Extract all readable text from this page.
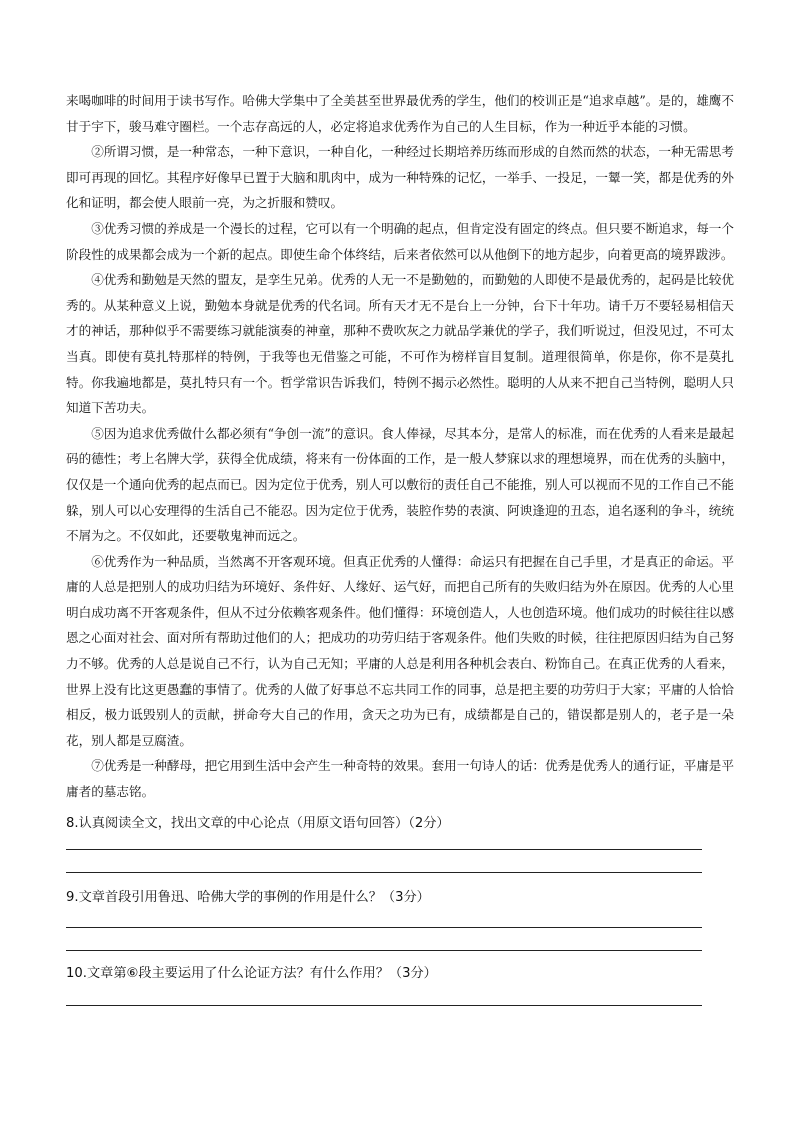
来喝咖啡的时间用于读书写作。哈佛大学集中了全美甚至世界最优秀的学生，他们的校训正是“追求卓越”。是的，雄鹰不甘于宇下，骏马难守圈栏。一个志存高远的人，必定将追求优秀作为自己的人生目标，作为一种近乎本能的习惯。

②所谓习惯，是一种常态，一种下意识，一种自化，一种经过长期培养历练而形成的自然而然的状态，一种无需思考即可再现的回忆。其程序好像早已置于大脑和肌肉中，成为一种特殊的记忆，一举手、一投足，一颦一笑，都是优秀的外化和证明，都会使人眼前一亮，为之折服和赞叹。

③优秀习惯的养成是一个漫长的过程，它可以有一个明确的起点，但肯定没有固定的终点。但只要不断追求，每一个阶段性的成果都会成为一个新的起点。即使生命个体终结，后来者依然可以从他倒下的地方起步，向着更高的境界跋涉。

④优秀和勤勉是天然的盟友，是孪生兄弟。优秀的人无一不是勤勉的，而勤勉的人即使不是最优秀的，起码是比较优秀的。从某种意义上说，勤勉本身就是优秀的代名词。所有天才无不是台上一分钟，台下十年功。请千万不要轻易相信天才的神话，那种似乎不需要练习就能演奏的神童，那种不费吹灰之力就品学兼优的学子，我们听说过，但没见过，不可太当真。即使有莫扎特那样的特例，于我等也无借鉴之可能，不可作为榜样盲目复制。道理很简单，你是你，你不是莫扎特。你我遍地都是，莫扎特只有一个。哲学常识告诉我们，特例不揭示必然性。聪明的人从来不把自己当特例，聪明人只知道下苦功夫。

⑤因为追求优秀做什么都必须有“争创一流”的意识。食人俸禄，尽其本分，是常人的标准，而在优秀的人看来是最起码的德性；考上名牌大学，获得全优成绩，将来有一份体面的工作，是一般人梦寐以求的理想境界，而在优秀的头脑中，仅仅是一个通向优秀的起点而已。因为定位于优秀，别人可以敷衍的责任自己不能推，别人可以视而不见的工作自己不能躲，别人可以心安理得的生活自己不能忍。因为定位于优秀，装腔作势的表演、阿谀逢迎的丑态，追名逐利的争斗，统统不屑为之。不仅如此，还要敬鬼神而远之。

⑥优秀作为一种品质，当然离不开客观环境。但真正优秀的人懂得：命运只有把握在自己手里，才是真正的命运。平庸的人总是把别人的成功归结为环境好、条件好、人缘好、运气好，而把自己所有的失败归结为外在原因。优秀的人心里明白成功离不开客观条件，但从不过分依赖客观条件。他们懂得：环境创造人，人也创造环境。他们成功的时候往往以感恩之心面对社会、面对所有帮助过他们的人；把成功的功劳归结于客观条件。他们失败的时候，往往把原因归结为自己努力不够。优秀的人总是说自己不行，认为自己无知；平庸的人总是利用各种机会表白、粉饰自己。在真正优秀的人看来，世界上没有比这更愚蠢的事情了。优秀的人做了好事总不忘共同工作的同事，总是把主要的功劳归于大家；平庸的人恰恰相反，极力诋毁别人的贡献，拼命夸大自己的作用，贪天之功为已有，成绩都是自己的，错误都是别人的，老子是一朵花，别人都是豆腐渣。

⑦优秀是一种酵母，把它用到生活中会产生一种奇特的效果。套用一句诗人的话：优秀是优秀人的通行证，平庸是平庸者的墓志铭。

8.认真阅读全文，找出文章的中心论点（用原文语句回答）（2分）

9.文章首段引用鲁迅、哈佛大学的事例的作用是什么？（3分）

10.文章第⑥段主要运用了什么论证方法？有什么作用？（3分）
